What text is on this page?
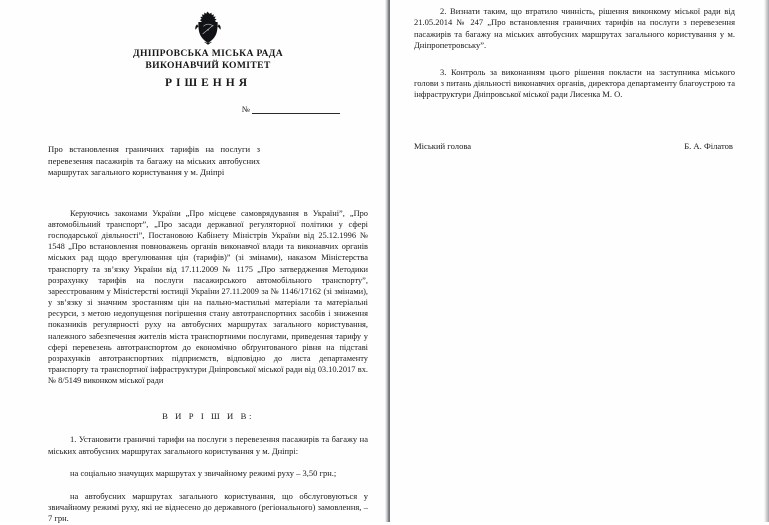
ДНІПРОВСЬКА МІСЬКА РАДА
ВИКОНАВЧИЙ КОМІТЕТ
РІШЕННЯ
№
Про встановлення граничних тарифів на послуги з перевезення пасажирів та багажу на міських автобусних маршрутах загального користування у м. Дніпрі
Керуючись законами України „Про місцеве самоврядування в Україні”, „Про автомобільний транспорт”, „Про засади державної регуляторної політики у сфері господарської діяльності”, Постановою Кабінету Міністрів України від 25.12.1996 № 1548 „Про встановлення повноважень органів виконавчої влади та виконавчих органів міських рад щодо врегулювання цін (тарифів)” (зі змінами), наказом Міністерства транспорту та зв’язку України від 17.11.2009 № 1175 „Про затвердження Методики розрахунку тарифів на послуги пасажирського автомобільного транспорту”, зареєстрованим у Міністерстві юстиції України 27.11.2009 за № 1146/17162 (зі змінами), у зв’язку зі значним зростанням цін на пально-мастильні матеріали та матеріальні ресурси, з метою недопущення погіршення стану автотранспортних засобів і зниження показників регулярності руху на автобусних маршрутах загального користування, належного забезпечення жителів міста транспортними послугами, приведення тарифу у сфері перевезень автотранспортом до економічно обґрунтованого рівня на підставі розрахунків автотранспортних підприємств, відповідно до листа департаменту транспорту та транспортної інфраструктури Дніпровської міської ради від 03.10.2017 вх. № 8/5149 виконком міської ради
В И Р І Ш И В:
1. Установити граничні тарифи на послуги з перевезення пасажирів та багажу на міських автобусних маршрутах загального користування у м. Дніпрі:
на соціально значущих маршрутах у звичайному режимі руху – 3,50 грн.;
на автобусних маршрутах загального користування, що обслуговуються у звичайному режимі руху, які не віднесено до державного (регіонального) замовлення, – 7 грн.
2. Визнати таким, що втратило чинність, рішення виконкому міської ради від 21.05.2014 № 247 „Про встановлення граничних тарифів на послуги з перевезення пасажирів та багажу на міських автобусних маршрутах загального користування у м. Дніпропетровську”.
3. Контроль за виконанням цього рішення покласти на заступника міського голови з питань діяльності виконавчих органів, директора департаменту благоустрою та інфраструктури Дніпровської міської ради Лисенка М. О.
Міський голова	Б. А. Філатов
